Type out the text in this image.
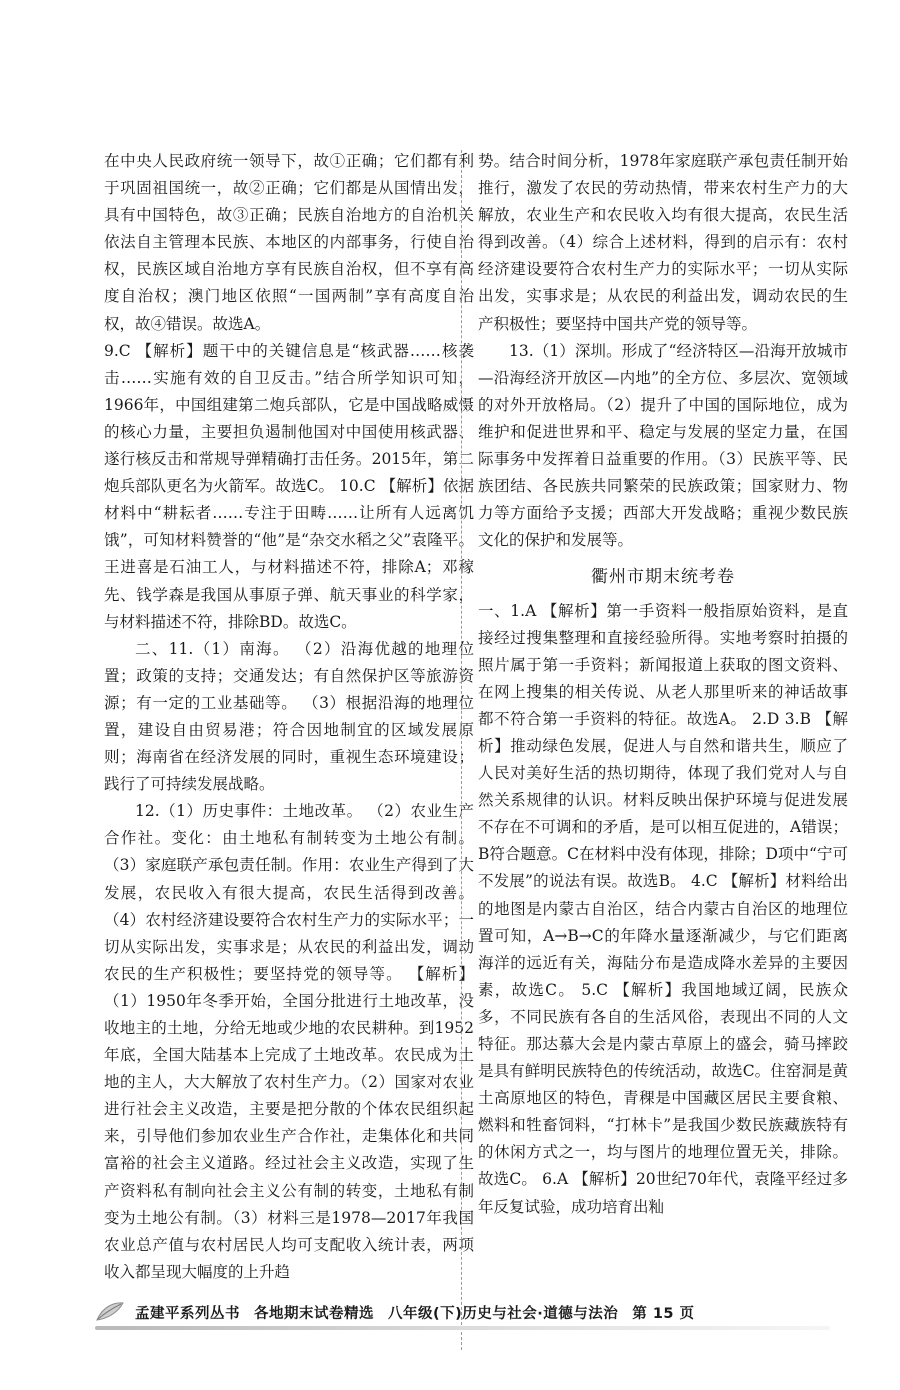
在中央人民政府统一领导下，故①正确；它们都有利于巩固祖国统一，故②正确；它们都是从国情出发，具有中国特色，故③正确；民族自治地方的自治机关依法自主管理本民族、本地区的内部事务，行使自治权，民族区域自治地方享有民族自治权，但不享有高度自治权；澳门地区依照“一国两制”享有高度自治权，故④错误。故选A。

9.C 【解析】题干中的关键信息是“核武器……核袭击……实施有效的自卫反击。”结合所学知识可知，1966年，中国组建第二炮兵部队，它是中国战略威慑的核心力量，主要担负遏制他国对中国使用核武器、遂行核反击和常规导弹精确打击任务。2015年，第二炮兵部队更名为火箭军。故选C。 10.C 【解析】依据材料中“耕耘者……专注于田畴……让所有人远离饥饿”，可知材料赞誉的“他”是“杂交水稻之父”袁隆平。王进喜是石油工人，与材料描述不符，排除A；邓稼先、钱学森是我国从事原子弹、航天事业的科学家，与材料描述不符，排除BD。故选C。

二、11.（1）南海。 （2）沿海优越的地理位置；政策的支持；交通发达；有自然保护区等旅游资源；有一定的工业基础等。 （3）根据沿海的地理位置，建设自由贸易港；符合因地制宜的区域发展原则；海南省在经济发展的同时，重视生态环境建设；践行了可持续发展战略。

12.（1）历史事件：土地改革。 （2）农业生产合作社。变化：由土地私有制转变为土地公有制。 （3）家庭联产承包责任制。作用：农业生产得到了大发展，农民收入有很大提高，农民生活得到改善。 （4）农村经济建设要符合农村生产力的实际水平；一切从实际出发，实事求是；从农民的利益出发，调动农民的生产积极性；要坚持党的领导等。 【解析】（1）1950年冬季开始，全国分批进行土地改革，没收地主的土地，分给无地或少地的农民耕种。到1952年底，全国大陆基本上完成了土地改革。农民成为土地的主人，大大解放了农村生产力。（2）国家对农业进行社会主义改造，主要是把分散的个体农民组织起来，引导他们参加农业生产合作社，走集体化和共同富裕的社会主义道路。经过社会主义改造，实现了生产资料私有制向社会主义公有制的转变，土地私有制变为土地公有制。（3）材料三是1978—2017年我国农业总产值与农村居民人均可支配收入统计表，两项收入都呈现大幅度的上升趋

势。结合时间分析，1978年家庭联产承包责任制开始推行，激发了农民的劳动热情，带来农村生产力的大解放，农业生产和农民收入均有很大提高，农民生活得到改善。（4）综合上述材料，得到的启示有：农村经济建设要符合农村生产力的实际水平；一切从实际出发，实事求是；从农民的利益出发，调动农民的生产积极性；要坚持中国共产党的领导等。

13.（1）深圳。形成了“经济特区—沿海开放城市—沿海经济开放区—内地”的全方位、多层次、宽领域的对外开放格局。（2）提升了中国的国际地位，成为维护和促进世界和平、稳定与发展的坚定力量，在国际事务中发挥着日益重要的作用。（3）民族平等、民族团结、各民族共同繁荣的民族政策；国家财力、物力等方面给予支援；西部大开发战略；重视少数民族文化的保护和发展等。

衢州市期末统考卷

一、1.A 【解析】第一手资料一般指原始资料，是直接经过搜集整理和直接经验所得。实地考察时拍摄的照片属于第一手资料；新闻报道上获取的图文资料、在网上搜集的相关传说、从老人那里听来的神话故事都不符合第一手资料的特征。故选A。 2.D 3.B 【解析】推动绿色发展，促进人与自然和谐共生，顺应了人民对美好生活的热切期待，体现了我们党对人与自然关系规律的认识。材料反映出保护环境与促进发展不存在不可调和的矛盾，是可以相互促进的，A错误；B符合题意。C在材料中没有体现，排除；D项中“宁可不发展”的说法有误。故选B。 4.C 【解析】材料给出的地图是内蒙古自治区，结合内蒙古自治区的地理位置可知，A→B→C的年降水量逐渐减少，与它们距离海洋的远近有关，海陆分布是造成降水差异的主要因素，故选C。 5.C 【解析】我国地域辽阔，民族众多，不同民族有各自的生活风俗，表现出不同的人文特征。那达慕大会是内蒙古草原上的盛会，骑马摔跤是具有鲜明民族特色的传统活动，故选C。住窑洞是黄土高原地区的特色，青稞是中国藏区居民主要食粮、燃料和牲畜饲料，“打林卡”是我国少数民族藏族特有的休闲方式之一，均与图片的地理位置无关，排除。故选C。 6.A 【解析】20世纪70年代，袁隆平经过多年反复试验，成功培育出籼

孟建平系列丛书 各地期末试卷精选 八年级(下)历史与社会·道德与法治 第 15 页
